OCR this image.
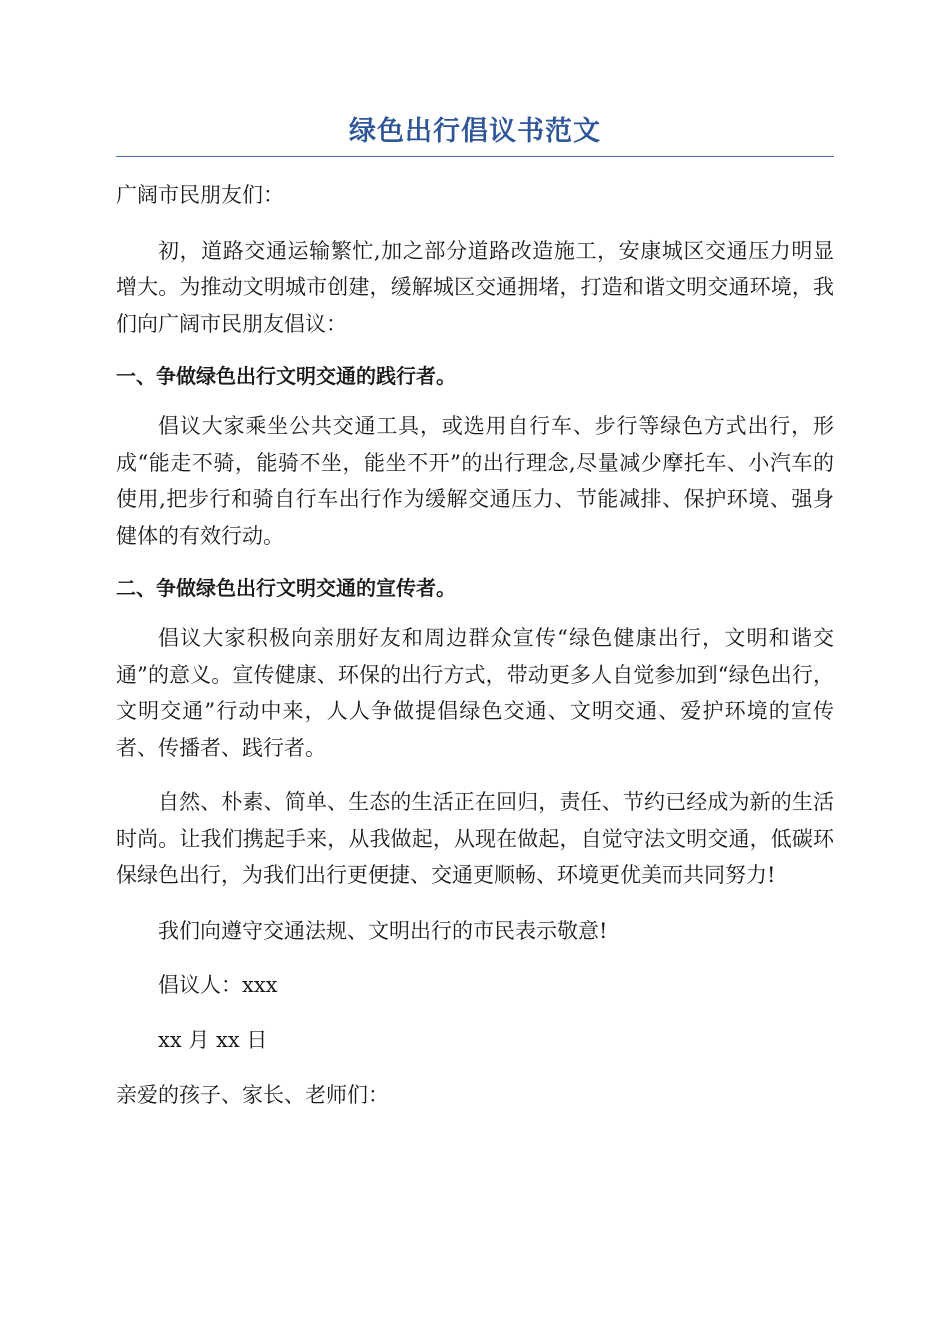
绿色出行倡议书范文

广阔市民朋友们：

初，道路交通运输繁忙,加之部分道路改造施工，安康城区交通压力明显增大。为推动文明城市创建，缓解城区交通拥堵，打造和谐文明交通环境，我们向广阔市民朋友倡议：

一、争做绿色出行文明交通的践行者。

倡议大家乘坐公共交通工具，或选用自行车、步行等绿色方式出行，形成“能走不骑，能骑不坐，能坐不开”的出行理念,尽量减少摩托车、小汽车的使用,把步行和骑自行车出行作为缓解交通压力、节能减排、保护环境、强身健体的有效行动。

二、争做绿色出行文明交通的宣传者。

倡议大家积极向亲朋好友和周边群众宣传“绿色健康出行，文明和谐交通”的意义。宣传健康、环保的出行方式，带动更多人自觉参加到“绿色出行，文明交通”行动中来，人人争做提倡绿色交通、文明交通、爱护环境的宣传者、传播者、践行者。

自然、朴素、简单、生态的生活正在回归，责任、节约已经成为新的生活时尚。让我们携起手来，从我做起，从现在做起，自觉守法文明交通，低碳环保绿色出行，为我们出行更便捷、交通更顺畅、环境更优美而共同努力!

我们向遵守交通法规、文明出行的市民表示敬意!

倡议人：xxx

xx 月 xx 日

亲爱的孩子、家长、老师们：
